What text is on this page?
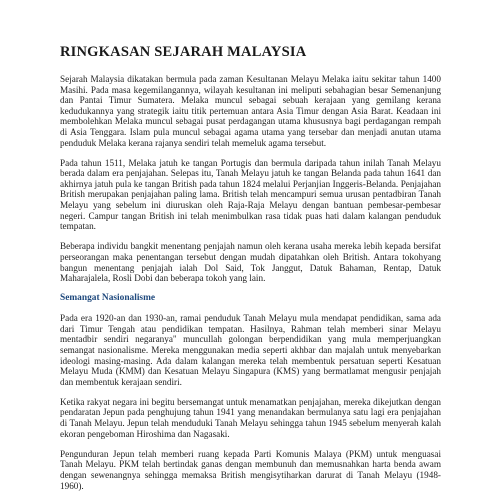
RINGKASAN SEJARAH MALAYSIA

Sejarah Malaysia dikatakan bermula pada zaman Kesultanan Melayu Melaka iaitu sekitar tahun 1400 Masihi. Pada masa kegemilangannya, wilayah kesultanan ini meliputi sebahagian besar Semenanjung dan Pantai Timur Sumatera. Melaka muncul sebagai sebuah kerajaan yang gemilang kerana kedudukannya yang strategik iaitu titik pertemuan antara Asia Timur dengan Asia Barat. Keadaan ini membolehkan Melaka muncul sebagai pusat perdagangan utama khususnya bagi perdagangan rempah di Asia Tenggara. Islam pula muncul sebagai agama utama yang tersebar dan menjadi anutan utama penduduk Melaka kerana rajanya sendiri telah memeluk agama tersebut.

Pada tahun 1511, Melaka jatuh ke tangan Portugis dan bermula daripada tahun inilah Tanah Melayu berada dalam era penjajahan. Selepas itu, Tanah Melayu jatuh ke tangan Belanda pada tahun 1641 dan akhirnya jatuh pula ke tangan British pada tahun 1824 melalui Perjanjian Inggeris-Belanda. Penjajahan British merupakan penjajahan paling lama. British telah mencampuri semua urusan pentadbiran Tanah Melayu yang sebelum ini diuruskan oleh Raja-Raja Melayu dengan bantuan pembesar-pembesar negeri. Campur tangan British ini telah menimbulkan rasa tidak puas hati dalam kalangan penduduk tempatan.

Beberapa individu bangkit menentang penjajah namun oleh kerana usaha mereka lebih kepada bersifat perseorangan maka penentangan tersebut dengan mudah dipatahkan oleh British. Antara tokohyang bangun menentang penjajah ialah Dol Said, Tok Janggut, Datuk Bahaman, Rentap, Datuk Maharajalela, Rosli Dobi dan beberapa tokoh yang lain.

Semangat Nasionalisme

Pada era 1920-an dan 1930-an, ramai penduduk Tanah Melayu mula mendapat pendidikan, sama ada dari Timur Tengah atau pendidikan tempatan. Hasilnya, Rahman telah memberi sinar Melayu mentadbir sendiri negaranya" muncullah golongan berpendidikan yang mula memperjuangkan semangat nasionalisme. Mereka menggunakan media seperti akhbar dan majalah untuk menyebarkan ideologi masing-masing. Ada dalam kalangan mereka telah membentuk persatuan seperti Kesatuan Melayu Muda (KMM) dan Kesatuan Melayu Singapura (KMS) yang bermatlamat mengusir penjajah dan membentuk kerajaan sendiri.

Ketika rakyat negara ini begitu bersemangat untuk menamatkan penjajahan, mereka dikejutkan dengan pendaratan Jepun pada penghujung tahun 1941 yang menandakan bermulanya satu lagi era penjajahan di Tanah Melayu. Jepun telah menduduki Tanah Melayu sehingga tahun 1945 sebelum menyerah kalah ekoran pengeboman Hiroshima dan Nagasaki.

Pengunduran Jepun telah memberi ruang kepada Parti Komunis Malaya (PKM) untuk menguasai Tanah Melayu. PKM telah bertindak ganas dengan membunuh dan memusnahkan harta benda awam dengan sewenangnya sehingga memaksa British mengisytiharkan darurat di Tanah Melayu (1948-1960).
